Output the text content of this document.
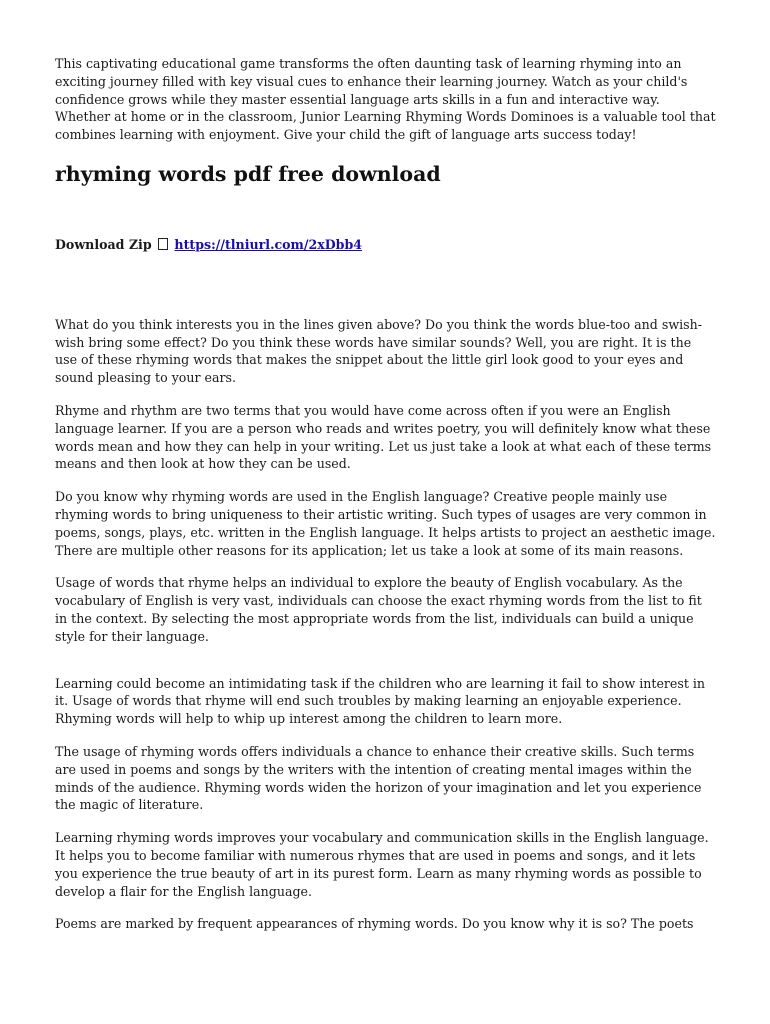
This captivating educational game transforms the often daunting task of learning rhyming into an exciting journey filled with key visual cues to enhance their learning journey. Watch as your child's confidence grows while they master essential language arts skills in a fun and interactive way. Whether at home or in the classroom, Junior Learning Rhyming Words Dominoes is a valuable tool that combines learning with enjoyment. Give your child the gift of language arts success today!

rhyming words pdf free download
Download Zip https://tlniurl.com/2xDbb4

What do you think interests you in the lines given above? Do you think the words blue-too and swish-wish bring some effect? Do you think these words have similar sounds? Well, you are right. It is the use of these rhyming words that makes the snippet about the little girl look good to your eyes and sound pleasing to your ears.

Rhyme and rhythm are two terms that you would have come across often if you were an English language learner. If you are a person who reads and writes poetry, you will definitely know what these words mean and how they can help in your writing. Let us just take a look at what each of these terms means and then look at how they can be used.

Do you know why rhyming words are used in the English language? Creative people mainly use rhyming words to bring uniqueness to their artistic writing. Such types of usages are very common in poems, songs, plays, etc. written in the English language. It helps artists to project an aesthetic image. There are multiple other reasons for its application; let us take a look at some of its main reasons.

Usage of words that rhyme helps an individual to explore the beauty of English vocabulary. As the vocabulary of English is very vast, individuals can choose the exact rhyming words from the list to fit in the context. By selecting the most appropriate words from the list, individuals can build a unique style for their language.

Learning could become an intimidating task if the children who are learning it fail to show interest in it. Usage of words that rhyme will end such troubles by making learning an enjoyable experience. Rhyming words will help to whip up interest among the children to learn more.

The usage of rhyming words offers individuals a chance to enhance their creative skills. Such terms are used in poems and songs by the writers with the intention of creating mental images within the minds of the audience. Rhyming words widen the horizon of your imagination and let you experience the magic of literature.

Learning rhyming words improves your vocabulary and communication skills in the English language. It helps you to become familiar with numerous rhymes that are used in poems and songs, and it lets you experience the true beauty of art in its purest form. Learn as many rhyming words as possible to develop a flair for the English language.

Poems are marked by frequent appearances of rhyming words. Do you know why it is so? The poets
